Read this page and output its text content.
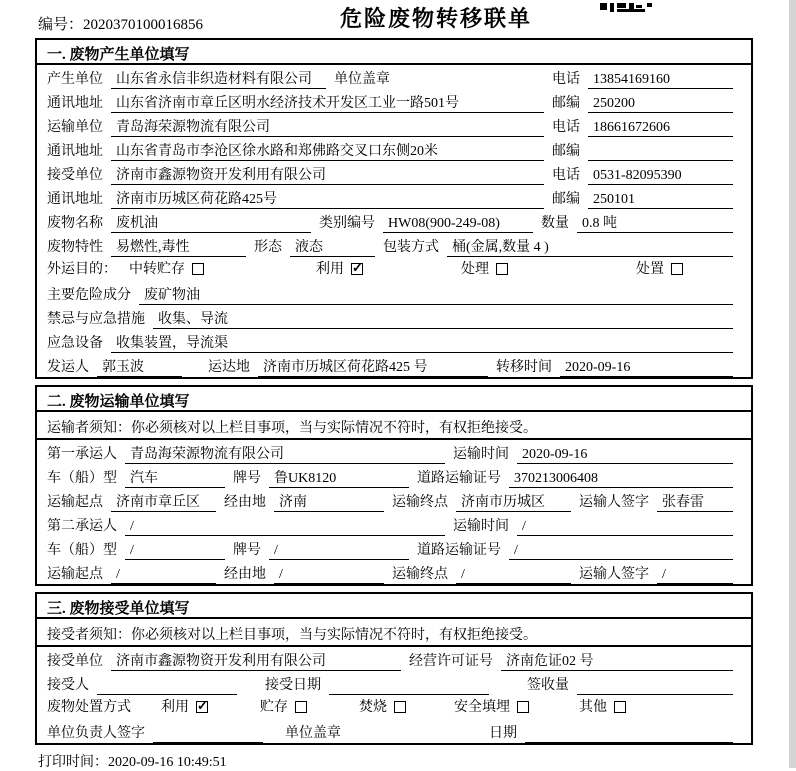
编号：2020370100016856	危险废物转移联单
一. 废物产生单位填写
产生单位 山东省永信非织造材料有限公司	单位盖章	电话 13854169160
通讯地址 山东省济南市章丘区明水经济技术开发区工业一路501号	邮编 250200
运输单位 青岛海荣源物流有限公司	电话 18661672606
通讯地址 山东省青岛市李沧区徐水路和郑佛路交叉口东侧20米	邮编
接受单位 济南市鑫源物资开发利用有限公司	电话 0531-82095390
通讯地址 济南市历城区荷花路425号	邮编 250101
废物名称 废机油	类别编号 HW08(900-249-08)	数量 0.8 吨
废物特性 易燃性,毒性	形态 液态	包装方式 桶(金属,数量 4 )
外运目的： 中转贮存	利用 ✓	处理	处置
主要危险成分 废矿物油
禁忌与应急措施 收集、导流
应急设备 收集装置，导流渠
发运人 郭玉波	运达地 济南市历城区荷花路425 号	转移时间 2020-09-16
二. 废物运输单位填写
运输者须知：你必须核对以上栏目事项，当与实际情况不符时，有权拒绝接受。
第一承运人 青岛海荣源物流有限公司	运输时间 2020-09-16
车（船）型 汽车	牌号 鲁UK8120	道路运输证号 370213006408
运输起点 济南市章丘区	经由地 济南	运输终点 济南市历城区	运输人签字 张春雷
第二承运人 /	运输时间 /
车（船）型 /	牌号 /	道路运输证号 /
运输起点 /	经由地 /	运输终点 /	运输人签字 /
三. 废物接受单位填写
接受者须知：你必须核对以上栏目事项，当与实际情况不符时，有权拒绝接受。
接受单位 济南市鑫源物资开发利用有限公司	经营许可证号 济南危证02 号
接受人	接受日期	签收量
废物处置方式 利用 ✓	贮存	焚烧	安全填埋	其他
单位负责人签字	单位盖章	日期
打印时间：2020-09-16 10:49:51
